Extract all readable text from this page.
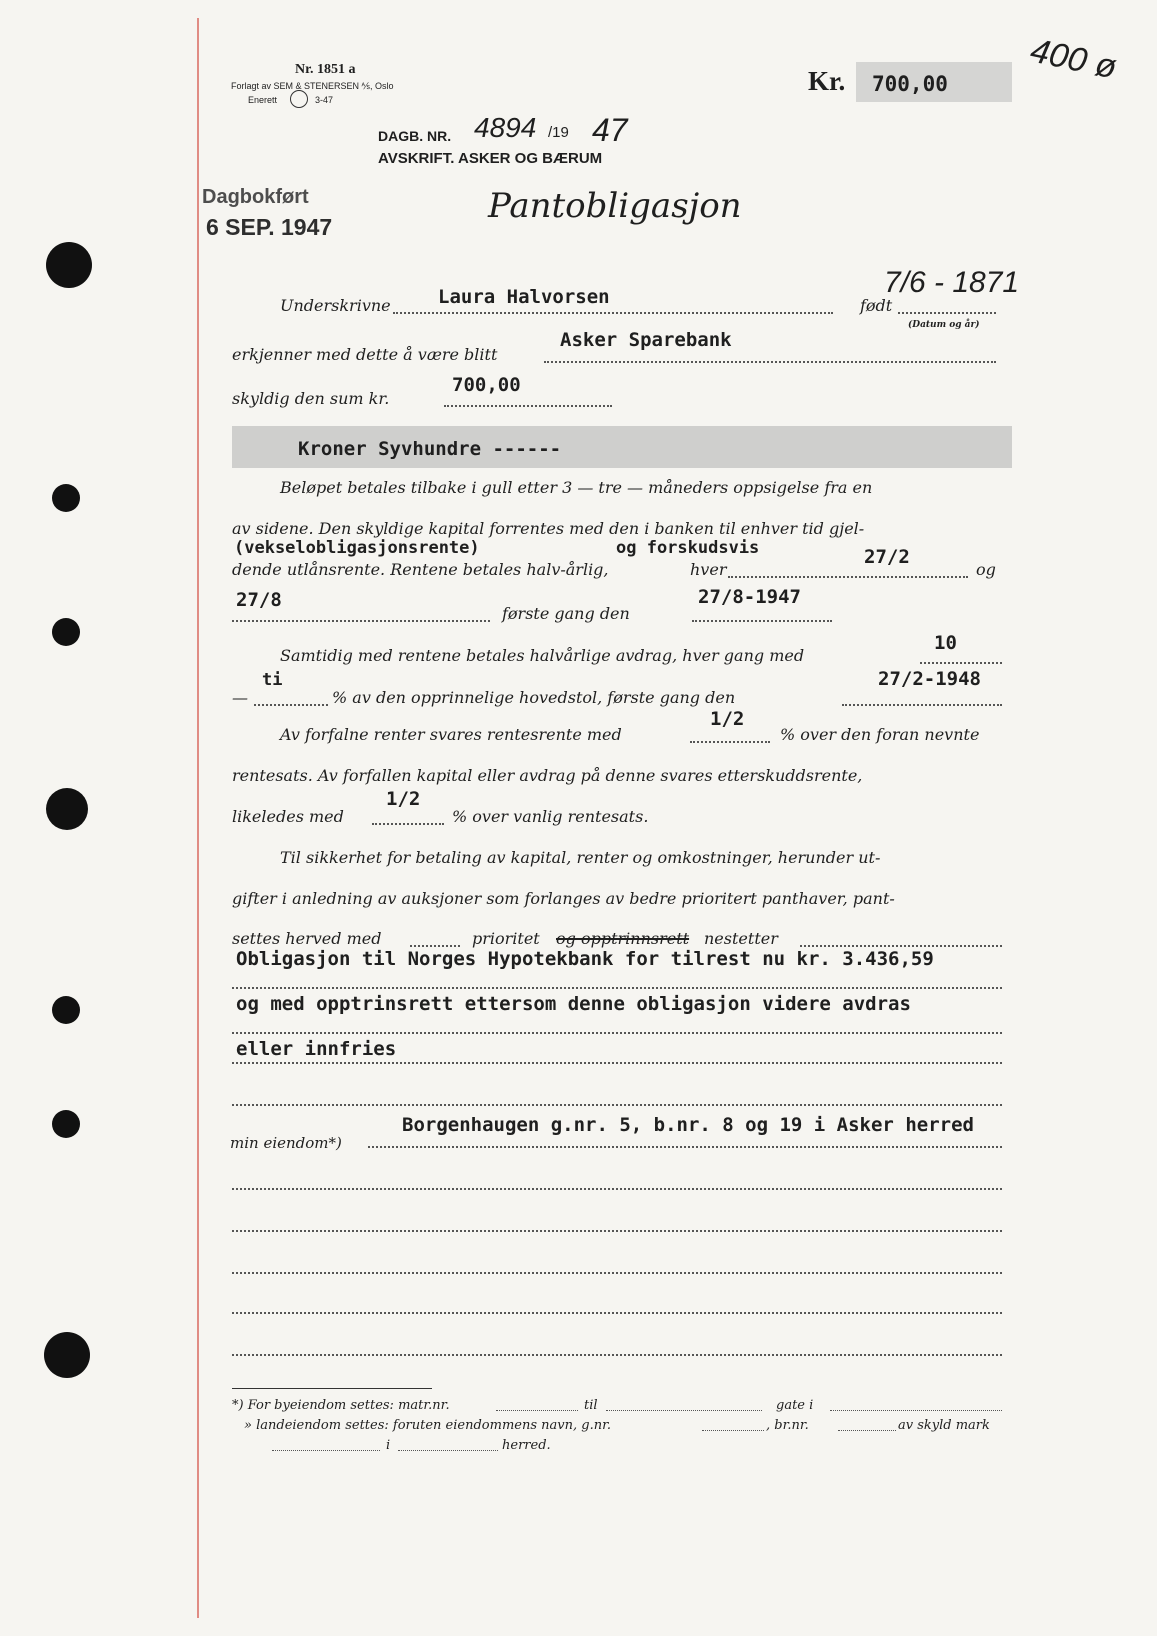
Nr. 1851 a
Forlagt av SEM & STENERSEN ⅍, Oslo
Enerett	3-47
Kr. 700,00 400 ø
DAGB. NR. 4894 /19 47
AVSKRIFT. ASKER OG BÆRUM
Dagbokført
6 SEP. 1947
Pantobligasjon
Underskrivne Laura Halvorsen	født
7/6 - 1871
(Datum og år)
erkjenner med dette å være blitt
Asker Sparebank
skyldig den sum kr.
700,00
Kroner Syvhundre ------
Beløpet betales tilbake i gull etter 3 — tre — måneders oppsigelse fra en
av sidene. Den skyldige kapital forrentes med den i banken til enhver tid gjel-
(vekselobligasjonsrente)	og forskudsvis	27/2
dende utlånsrente. Rentene betales halv-årlig,	hver	og
27/8
første gang den
27/8-1947
Samtidig med rentene betales halvårlige avdrag, hver gang med
10
ti
—	% av den opprinnelige hovedstol, første gang den
27/2-1948
Av forfalne renter svares rentesrente med
1/2
% over den foran nevnte
rentesats. Av forfallen kapital eller avdrag på denne svares etterskuddsrente,
likeledes med
1/2
% over vanlig rentesats.
Til sikkerhet for betaling av kapital, renter og omkostninger, herunder ut-
gifter i anledning av auksjoner som forlanges av bedre prioritert panthaver, pant-
settes herved med	prioritet og opptrinnsrett nestetter
Obligasjon til Norges Hypotekbank for tilrest nu kr. 3.436,59
og med opptrinsrett ettersom denne obligasjon videre avdras
eller innfries
Borgenhaugen g.nr. 5, b.nr. 8 og 19 i Asker herred
min eiendom*)
*) For byeiendom settes: matr.nr.	til	gate i
» landeiendom settes: foruten eiendommens navn, g.nr.	, br.nr.	av skyld mark
i	herred.
